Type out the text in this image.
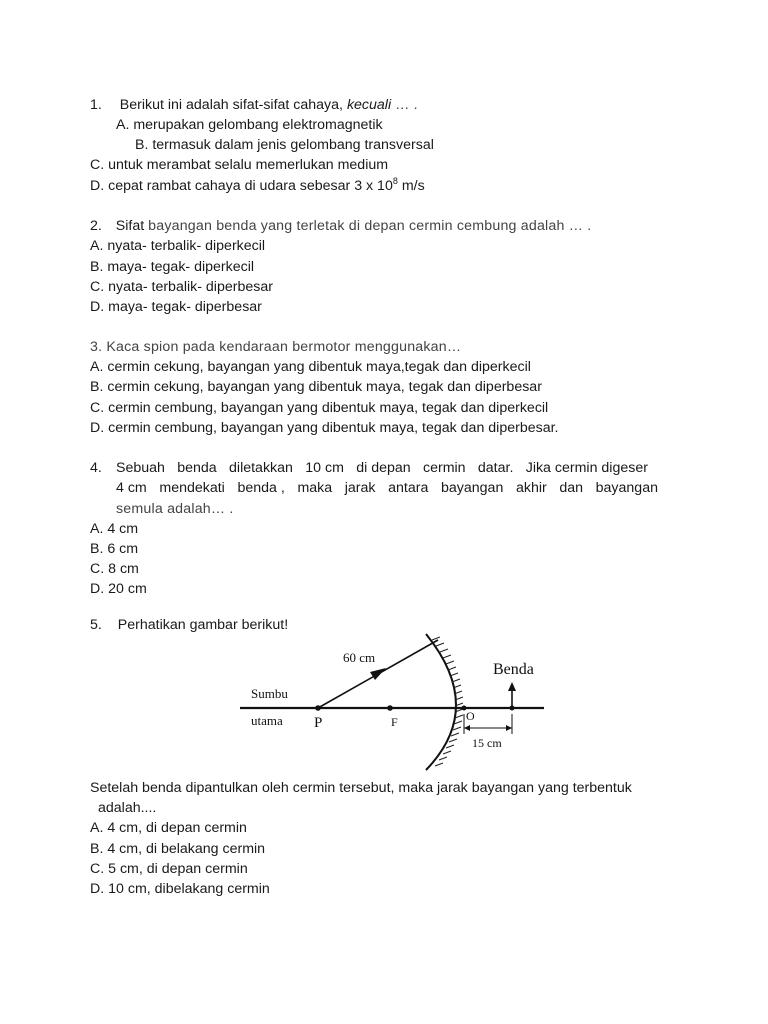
1. Berikut ini adalah sifat-sifat cahaya, kecuali … .
A. merupakan gelombang elektromagnetik
B. termasuk dalam jenis gelombang transversal
C. untuk merambat selalu memerlukan medium
D. cepat rambat cahaya di udara sebesar 3 x $10^8$ m/s
2. Sifat bayangan benda yang terletak di depan cermin cembung adalah … .
A. nyata- terbalik- diperkecil
B. maya- tegak- diperkecil
C. nyata- terbalik- diperbesar
D. maya- tegak- diperbesar
3. Kaca spion pada kendaraan bermotor menggunakan…
A. cermin cekung, bayangan yang dibentuk maya,tegak dan diperkecil
B. cermin cekung, bayangan yang dibentuk maya, tegak dan diperbesar
C. cermin cembung, bayangan yang dibentuk maya, tegak dan diperkecil
D. cermin cembung, bayangan yang dibentuk maya, tegak dan diperbesar.
4. Sebuah benda diletakkan 10 cm di depan cermin datar. Jika cermin digeser
4 cm mendekati benda , maka jarak antara bayangan akhir dan bayangan
semula adalah… .
A. 4 cm
B. 6 cm
C. 8 cm
D. 20 cm
5. Perhatikan gambar berikut!
60 cm
Benda
Sumbu
utama P	F	O
15 cm
Setelah benda dipantulkan oleh cermin tersebut, maka jarak bayangan yang terbentuk
adalah....
A. 4 cm, di depan cermin
B. 4 cm, di belakang cermin
C. 5 cm, di depan cermin
D. 10 cm, dibelakang cermin
